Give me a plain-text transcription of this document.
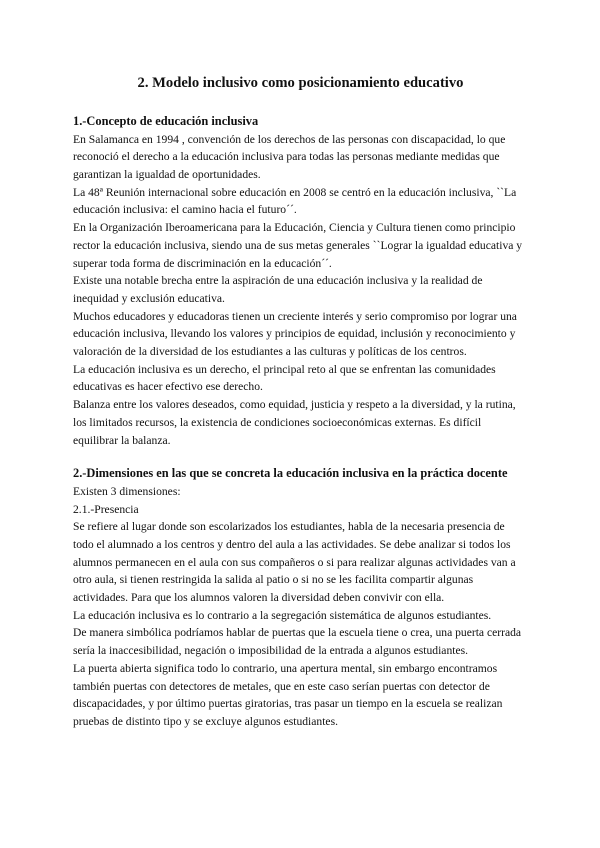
2. Modelo inclusivo como posicionamiento educativo
1.-Concepto de educación inclusiva

En Salamanca en 1994 , convención de los derechos de las personas con discapacidad, lo que reconoció el derecho a la educación inclusiva para todas las personas mediante medidas que garantizan la igualdad de oportunidades.

La 48ª Reunión internacional sobre educación en 2008 se centró en la educación inclusiva, ``La educación inclusiva: el camino hacia el futuro´´.

En la Organización Iberoamericana para la Educación, Ciencia y Cultura tienen como principio rector la educación inclusiva, siendo una de sus metas generales ``Lograr la igualdad educativa y superar toda forma de discriminación en la educación´´.

Existe una notable brecha entre la aspiración de una educación inclusiva y la realidad de inequidad y exclusión educativa.

Muchos educadores y educadoras tienen un creciente interés y serio compromiso por lograr una educación inclusiva, llevando los valores y principios de equidad, inclusión y reconocimiento y valoración de la diversidad de los estudiantes a las culturas y políticas de los centros.

La educación inclusiva es un derecho, el principal reto al que se enfrentan las comunidades educativas es hacer efectivo ese derecho.

Balanza entre los valores deseados, como equidad, justicia y respeto a la diversidad, y la rutina, los limitados recursos, la existencia de condiciones socioeconómicas externas. Es difícil equilibrar la balanza.

2.-Dimensiones en las que se concreta la educación inclusiva en la práctica docente

Existen 3 dimensiones:

2.1.-Presencia

Se refiere al lugar donde son escolarizados los estudiantes, habla de la necesaria presencia de todo el alumnado a los centros y dentro del aula a las actividades. Se debe analizar si todos los alumnos permanecen en el aula con sus compañeros o si para realizar algunas actividades van a otro aula, si tienen restringida la salida al patio o si no se les facilita compartir algunas actividades. Para que los alumnos valoren la diversidad deben convivir con ella.

La educación inclusiva es lo contrario a la segregación sistemática de algunos estudiantes.

De manera simbólica podríamos hablar de puertas que la escuela tiene o crea, una puerta cerrada sería la inaccesibilidad, negación o imposibilidad de la entrada a algunos estudiantes.

La puerta abierta significa todo lo contrario, una apertura mental, sin embargo encontramos también puertas con detectores de metales, que en este caso serían puertas con detector de discapacidades, y por último puertas giratorias, tras pasar un tiempo en la escuela se realizan pruebas de distinto tipo y se excluye algunos estudiantes.
